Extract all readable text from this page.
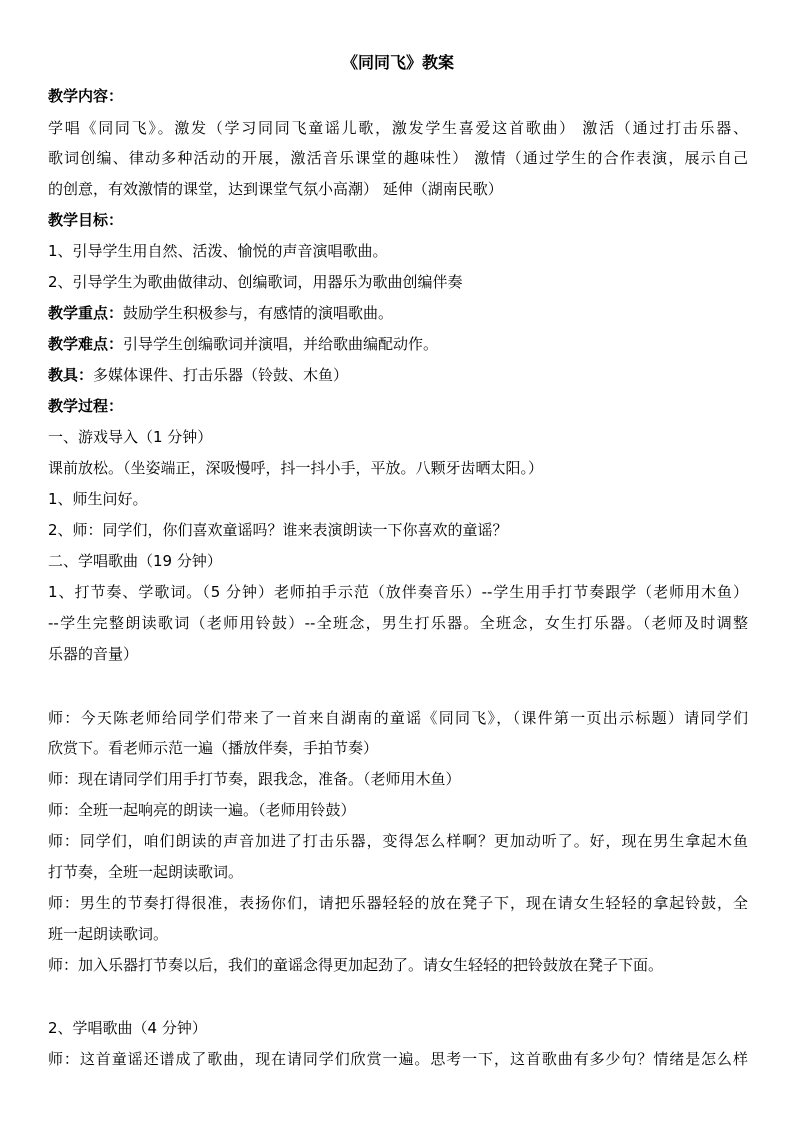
《同同飞》教案
教学内容：
学唱《同同飞》。激发（学习同同飞童谣儿歌，激发学生喜爱这首歌曲） 激活（通过打击乐器、
歌词创编、律动多种活动的开展，激活音乐课堂的趣味性） 激情（通过学生的合作表演，展示自己
的创意，有效激情的课堂，达到课堂气氛小高潮） 延伸（湖南民歌）
教学目标：
1、引导学生用自然、活泼、愉悦的声音演唱歌曲。
2、引导学生为歌曲做律动、创编歌词，用器乐为歌曲创编伴奏
教学重点：鼓励学生积极参与，有感情的演唱歌曲。
教学难点：引导学生创编歌词并演唱，并给歌曲编配动作。
教具：多媒体课件、打击乐器（铃鼓、木鱼）
教学过程：
一、游戏导入（1 分钟）
课前放松。（坐姿端正，深吸慢呼，抖一抖小手，平放。八颗牙齿晒太阳。）
1、师生问好。
2、师：同学们，你们喜欢童谣吗？谁来表演朗读一下你喜欢的童谣？
二、学唱歌曲（19 分钟）
1、打节奏、学歌词。（5 分钟）老师拍手示范（放伴奏音乐）--学生用手打节奏跟学（老师用木鱼）
--学生完整朗读歌词（老师用铃鼓）--全班念，男生打乐器。全班念，女生打乐器。（老师及时调整
乐器的音量）
师：今天陈老师给同学们带来了一首来自湖南的童谣《同同飞》，（课件第一页出示标题）请同学们
欣赏下。看老师示范一遍（播放伴奏，手拍节奏）
师：现在请同学们用手打节奏，跟我念，准备。（老师用木鱼）
师：全班一起响亮的朗读一遍。（老师用铃鼓）
师：同学们，咱们朗读的声音加进了打击乐器，变得怎么样啊？更加动听了。好，现在男生拿起木鱼
打节奏，全班一起朗读歌词。
师：男生的节奏打得很准，表扬你们，请把乐器轻轻的放在凳子下，现在请女生轻轻的拿起铃鼓，全
班一起朗读歌词。
师：加入乐器打节奏以后，我们的童谣念得更加起劲了。请女生轻轻的把铃鼓放在凳子下面。
2、学唱歌曲（4 分钟）
师：这首童谣还谱成了歌曲，现在请同学们欣赏一遍。思考一下，这首歌曲有多少句？情绪是怎么样
